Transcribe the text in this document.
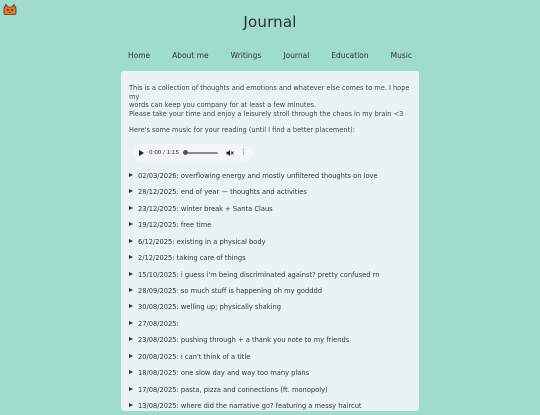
Journal
Home	About me	Writings	Journal	Education	Music

This is a collection of thoughts and emotions and whatever else comes to me. I hope my

words can keep you company for at least a few minutes.

Please take your time and enjoy a leisurely stroll through the chaos in my brain <3

Here's some music for your reading (until I find a better placement):

0:00 / 1:15	⋮
02/03/2026: overflowing energy and mostly unfiltered thoughts on love
28/12/2025: end of year — thoughts and activities
23/12/2025: winter break + Santa Claus
19/12/2025: free time
6/12/2025: existing in a physical body
2/12/2025: taking care of things
15/10/2025: i guess i'm being discriminated against? pretty confused rn
28/09/2025: so much stuff is happening oh my godddd
30/08/2025: welling up; physically shaking
27/08/2025:
23/08/2025: pushing through + a thank you note to my friends
20/08/2025: i can't think of a title
18/08/2025: one slow day and way too many plans
17/08/2025: pasta, pizza and connections (ft. monopoly)
13/08/2025: where did the narrative go? featuring a messy haircut
